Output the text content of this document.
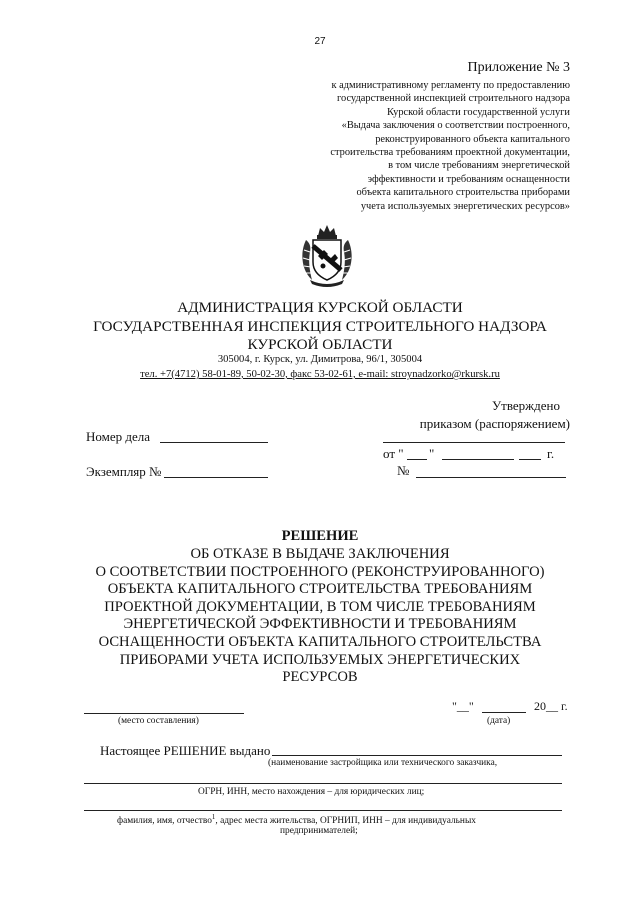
27
Приложение № 3
к административному регламенту по предоставлению
государственной инспекцией строительного надзора
Курской области государственной услуги
«Выдача заключения о соответствии построенного,
реконструированного объекта капитального
строительства требованиям проектной документации,
в том числе требованиям энергетической
эффективности и требованиям оснащенности
объекта капитального строительства приборами
учета используемых энергетических ресурсов»
АДМИНИСТРАЦИЯ КУРСКОЙ ОБЛАСТИ
ГОСУДАРСТВЕННАЯ ИНСПЕКЦИЯ СТРОИТЕЛЬНОГО НАДЗОРА
КУРСКОЙ ОБЛАСТИ
305004, г. Курск, ул. Димитрова, 96/1, 305004
тел. +7(4712) 58-01-89, 50-02-30, факс 53-02-61, e-mail: stroynadzorko@rkursk.ru
Утверждено
приказом (распоряжением)
Номер дела
от " "	г.
Экземпляр №	№
РЕШЕНИЕ
ОБ ОТКАЗЕ В ВЫДАЧЕ ЗАКЛЮЧЕНИЯ
О СООТВЕТСТВИИ ПОСТРОЕННОГО (РЕКОНСТРУИРОВАННОГО)
ОБЪЕКТА КАПИТАЛЬНОГО СТРОИТЕЛЬСТВА ТРЕБОВАНИЯМ
ПРОЕКТНОЙ ДОКУМЕНТАЦИИ, В ТОМ ЧИСЛЕ ТРЕБОВАНИЯМ
ЭНЕРГЕТИЧЕСКОЙ ЭФФЕКТИВНОСТИ И ТРЕБОВАНИЯМ
ОСНАЩЕННОСТИ ОБЪЕКТА КАПИТАЛЬНОГО СТРОИТЕЛЬСТВА
ПРИБОРАМИ УЧЕТА ИСПОЛЬЗУЕМЫХ ЭНЕРГЕТИЧЕСКИХ
РЕСУРСОВ
(место составления)
"__"	20__ г.
(дата)
Настоящее РЕШЕНИЕ выдано
(наименование застройщика или технического заказчика,
ОГРН, ИНН, место нахождения – для юридических лиц;
фамилия, имя, отчество$^1$, адрес места жительства, ОГРНИП, ИНН – для индивидуальных
предпринимателей;
